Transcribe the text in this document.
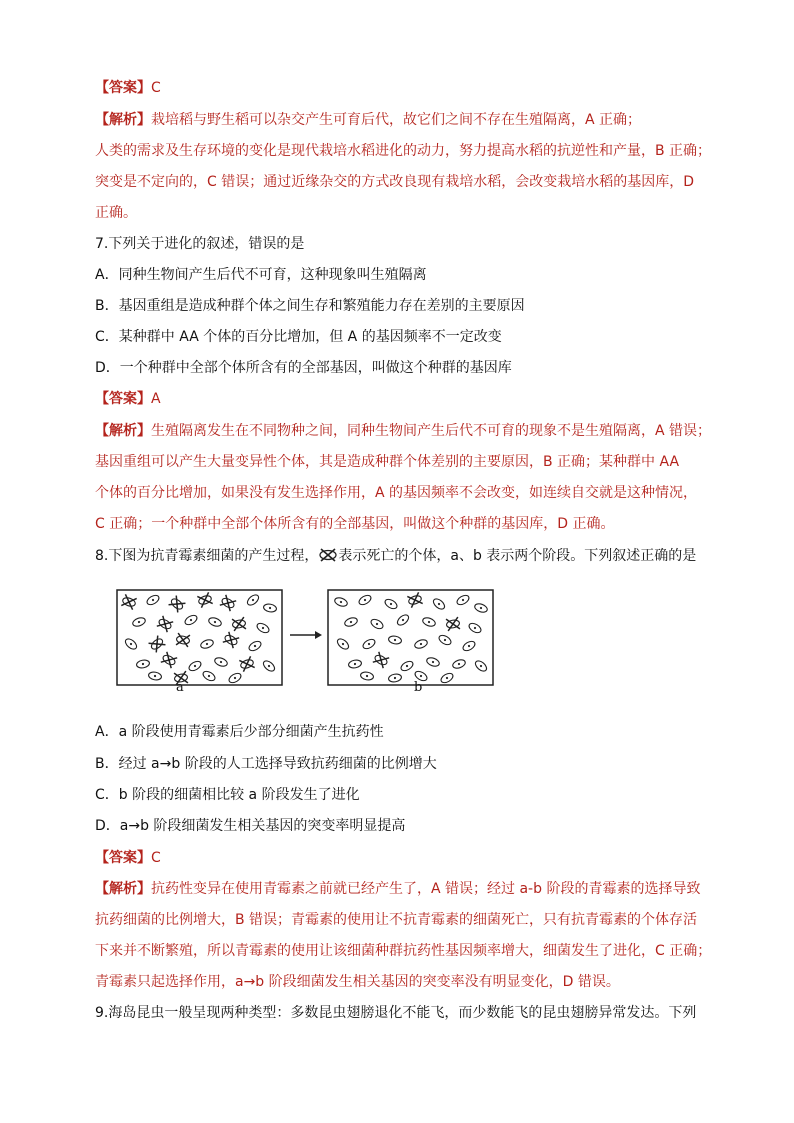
【答案】C
【解析】栽培稻与野生稻可以杂交产生可育后代，故它们之间不存在生殖隔离，A 正确；
人类的需求及生存环境的变化是现代栽培水稻进化的动力，努力提高水稻的抗逆性和产量，B 正确；
突变是不定向的，C 错误；通过近缘杂交的方式改良现有栽培水稻，会改变栽培水稻的基因库，D
正确。
7.下列关于进化的叙述，错误的是
A．同种生物间产生后代不可育，这种现象叫生殖隔离
B．基因重组是造成种群个体之间生存和繁殖能力存在差别的主要原因
C．某种群中 AA 个体的百分比增加，但 A 的基因频率不一定改变
D．一个种群中全部个体所含有的全部基因，叫做这个种群的基因库
【答案】A
【解析】生殖隔离发生在不同物种之间，同种生物间产生后代不可育的现象不是生殖隔离，A 错误；
基因重组可以产生大量变异性个体，其是造成种群个体差别的主要原因，B 正确；某种群中 AA
个体的百分比增加，如果没有发生选择作用，A 的基因频率不会改变，如连续自交就是这种情况，
C 正确；一个种群中全部个体所含有的全部基因，叫做这个种群的基因库，D 正确。
8.下图为抗青霉素细菌的产生过程， 表示死亡的个体，a、b 表示两个阶段。下列叙述正确的是
a	b
A．a 阶段使用青霉素后少部分细菌产生抗药性
B．经过 a→b 阶段的人工选择导致抗药细菌的比例增大
C．b 阶段的细菌相比较 a 阶段发生了进化
D．a→b 阶段细菌发生相关基因的突变率明显提高
【答案】C
【解析】抗药性变异在使用青霉素之前就已经产生了，A 错误；经过 a-b 阶段的青霉素的选择导致
抗药细菌的比例增大，B 错误；青霉素的使用让不抗青霉素的细菌死亡，只有抗青霉素的个体存活
下来并不断繁殖，所以青霉素的使用让该细菌种群抗药性基因频率增大，细菌发生了进化，C 正确；
青霉素只起选择作用，a→b 阶段细菌发生相关基因的突变率没有明显变化，D 错误。
9.海岛昆虫一般呈现两种类型：多数昆虫翅膀退化不能飞，而少数能飞的昆虫翅膀异常发达。下列
